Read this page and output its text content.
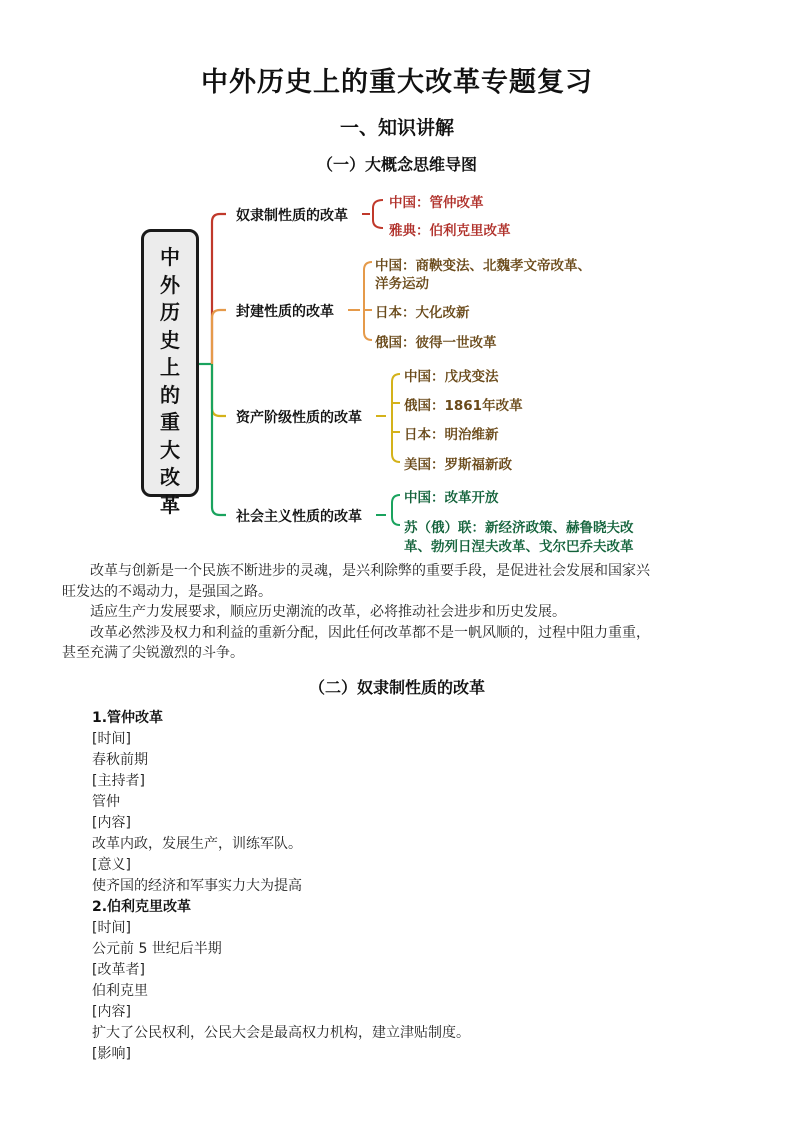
中外历史上的重大改革专题复习
一、知识讲解
（一）大概念思维导图
中
外
历
史
上
的
重
大
改
革
奴隶制性质的改革
封建性质的改革
资产阶级性质的改革
社会主义性质的改革
中国：管仲改革
雅典：伯利克里改革
中国：商鞅变法、北魏孝文帝改革、
洋务运动
日本：大化改新
俄国：彼得一世改革
中国：戊戌变法
俄国：1861年改革
日本：明治维新
美国：罗斯福新政
中国：改革开放
苏（俄）联：新经济政策、赫鲁晓夫改
革、勃列日涅夫改革、戈尔巴乔夫改革
改革与创新是一个民族不断进步的灵魂，是兴利除弊的重要手段，是促进社会发展和国家兴
旺发达的不竭动力，是强国之路。
适应生产力发展要求，顺应历史潮流的改革，必将推动社会进步和历史发展。
改革必然涉及权力和利益的重新分配，因此任何改革都不是一帆风顺的，过程中阻力重重，
甚至充满了尖锐激烈的斗争。
（二）奴隶制性质的改革
1.管仲改革
[时间]
春秋前期
[主持者]
管仲
[内容]
改革内政，发展生产，训练军队。
[意义]
使齐国的经济和军事实力大为提高
2.伯利克里改革
[时间]
公元前 5 世纪后半期
[改革者]
伯利克里
[内容]
扩大了公民权利，公民大会是最高权力机构，建立津贴制度。
[影响]
